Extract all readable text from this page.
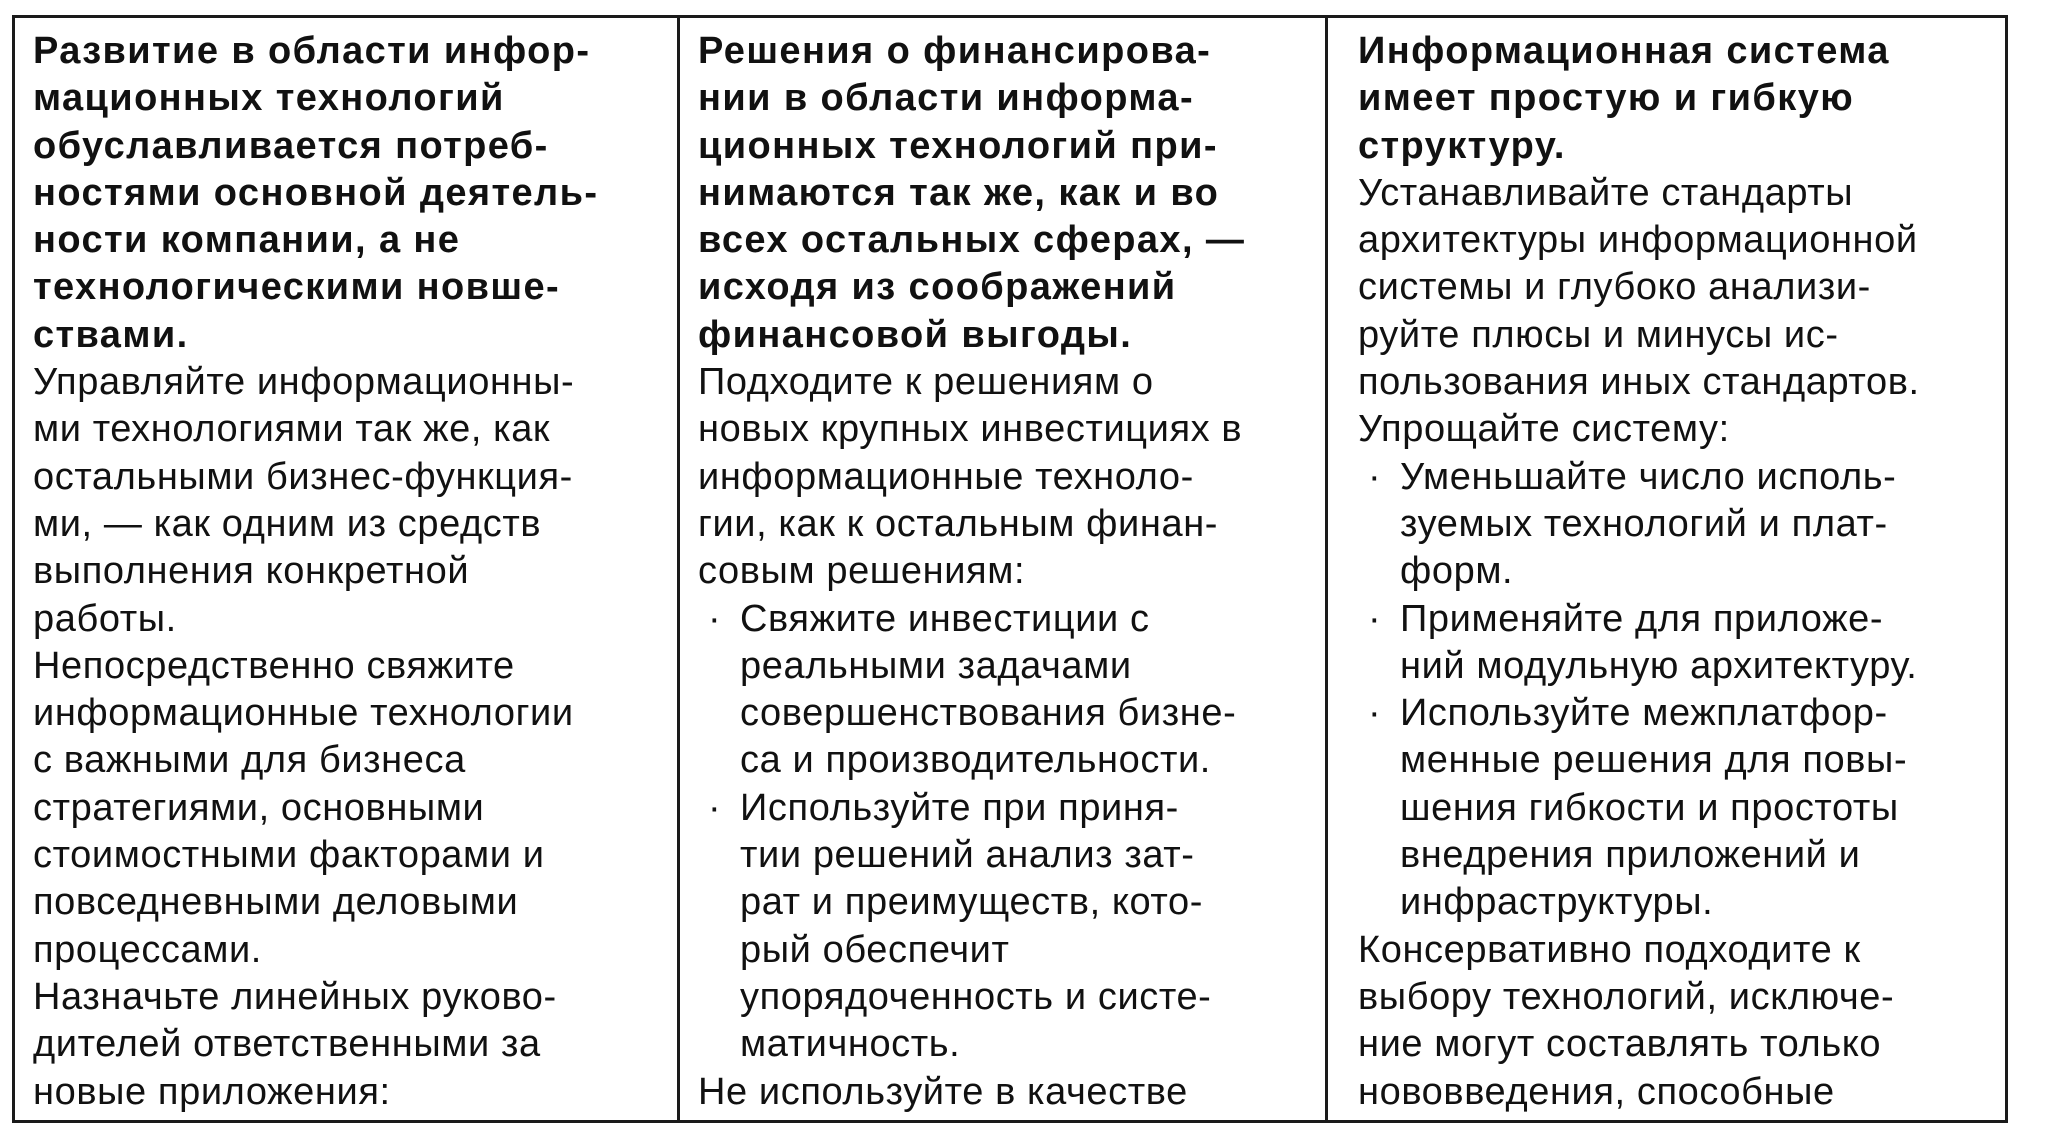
Развитие в области инфор-
мационных технологий
обуславливается потреб-
ностями основной деятель-
ности компании, а не
технологическими новше-
ствами.
Управляйте информационны-
ми технологиями так же, как
остальными бизнес-функция-
ми, — как одним из средств
выполнения конкретной
работы.
Непосредственно свяжите
информационные технологии
с важными для бизнеса
стратегиями, основными
стоимостными факторами и
повседневными деловыми
процессами.
Назначьте линейных руково-
дителей ответственными за
новые приложения:
Решения о финансирова-
нии в области информа-
ционных технологий при-
нимаются так же, как и во
всех остальных сферах, —
исходя из соображений
финансовой выгоды.
Подходите к решениям о
новых крупных инвестициях в
информационные техноло-
гии, как к остальным финан-
совым решениям:
· Свяжите инвестиции с
реальными задачами
совершенствования бизне-
са и производительности.
· Используйте при приня-
тии решений анализ зат-
рат и преимуществ, кото-
рый обеспечит
упорядоченность и систе-
матичность.
Не используйте в качестве
Информационная система
имеет простую и гибкую
структуру.
Устанавливайте стандарты
архитектуры информационной
системы и глубоко анализи-
руйте плюсы и минусы ис-
пользования иных стандартов.
Упрощайте систему:
· Уменьшайте число исполь-
зуемых технологий и плат-
форм.
· Применяйте для приложе-
ний модульную архитектуру.
· Используйте межплатфор-
менные решения для повы-
шения гибкости и простоты
внедрения приложений и
инфраструктуры.
Консервативно подходите к
выбору технологий, исключе-
ние могут составлять только
нововведения, способные
